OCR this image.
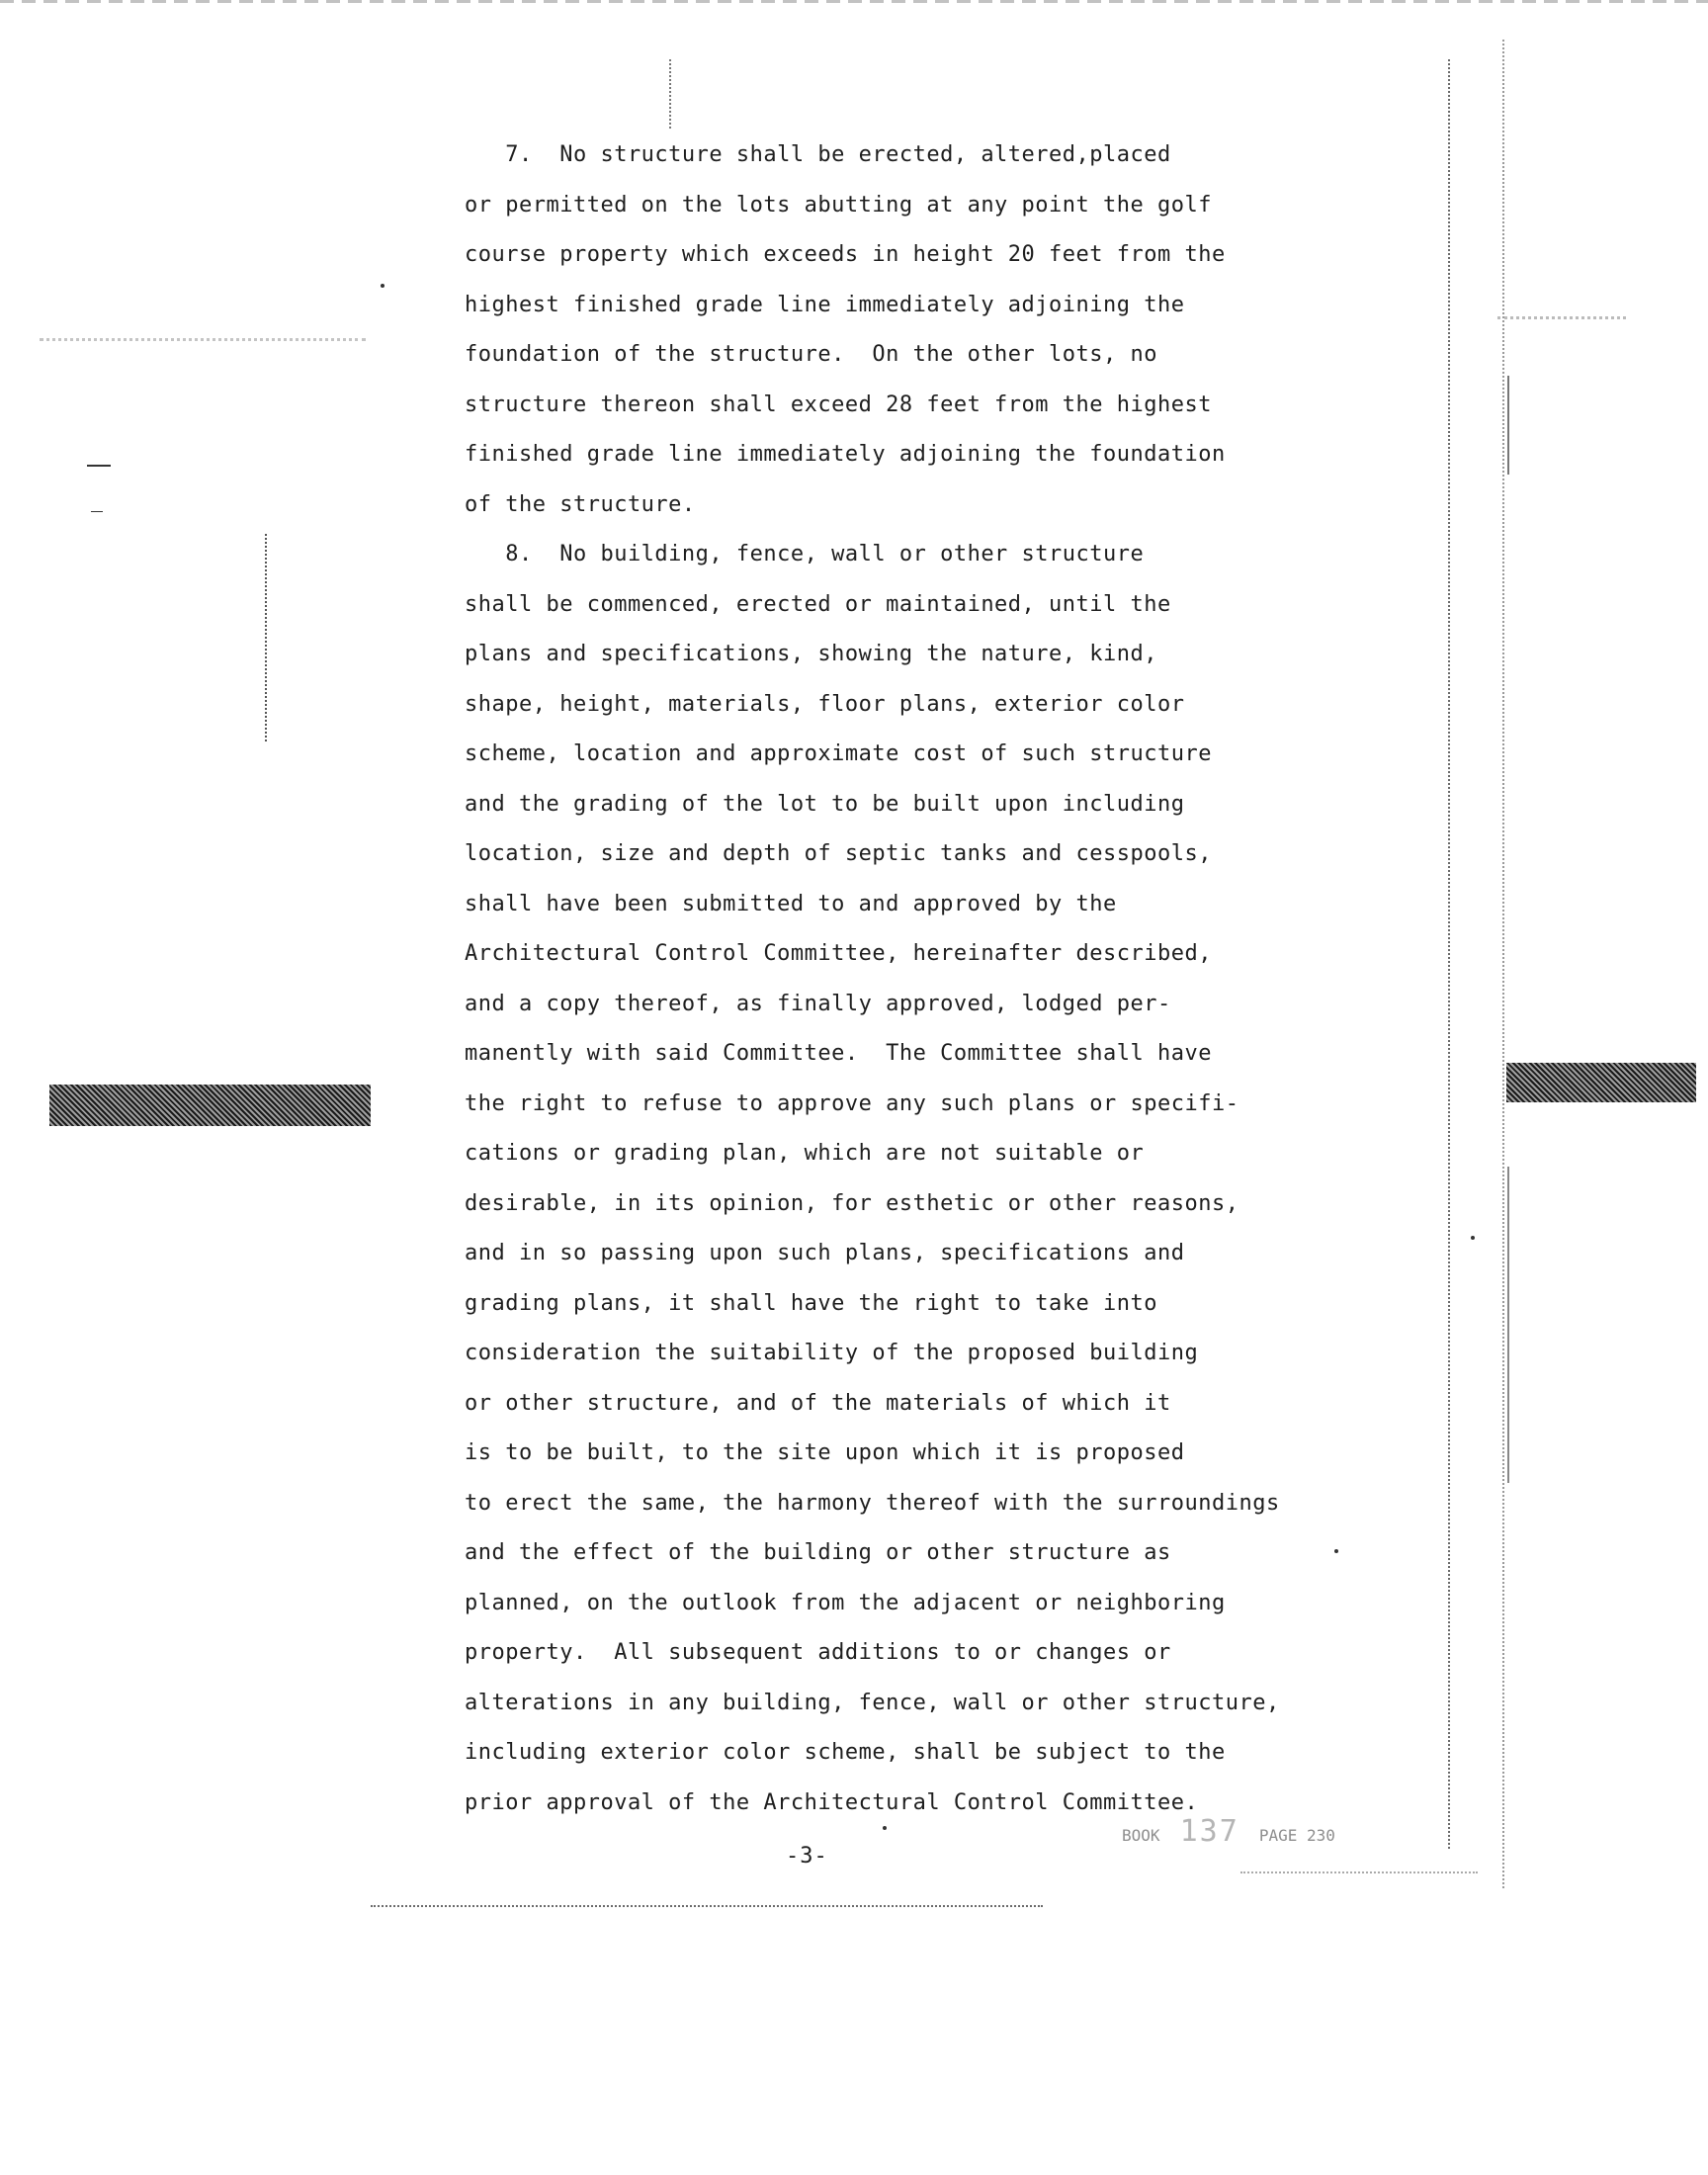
7.  No structure shall be erected, altered,placed
or permitted on the lots abutting at any point the golf
course property which exceeds in height 20 feet from the
highest finished grade line immediately adjoining the
foundation of the structure.  On the other lots, no
structure thereon shall exceed 28 feet from the highest
finished grade line immediately adjoining the foundation
of the structure.
8.  No building, fence, wall or other structure
shall be commenced, erected or maintained, until the
plans and specifications, showing the nature, kind,
shape, height, materials, floor plans, exterior color
scheme, location and approximate cost of such structure
and the grading of the lot to be built upon including
location, size and depth of septic tanks and cesspools,
shall have been submitted to and approved by the
Architectural Control Committee, hereinafter described,
and a copy thereof, as finally approved, lodged per-
manently with said Committee.  The Committee shall have
the right to refuse to approve any such plans or specifi-
cations or grading plan, which are not suitable or
desirable, in its opinion, for esthetic or other reasons,
and in so passing upon such plans, specifications and
grading plans, it shall have the right to take into
consideration the suitability of the proposed building
or other structure, and of the materials of which it
is to be built, to the site upon which it is proposed
to erect the same, the harmony thereof with the surroundings
and the effect of the building or other structure as
planned, on the outlook from the adjacent or neighboring
property.  All subsequent additions to or changes or
alterations in any building, fence, wall or other structure,
including exterior color scheme, shall be subject to the
prior approval of the Architectural Control Committee.
BOOK 137 PAGE 230
-3-
